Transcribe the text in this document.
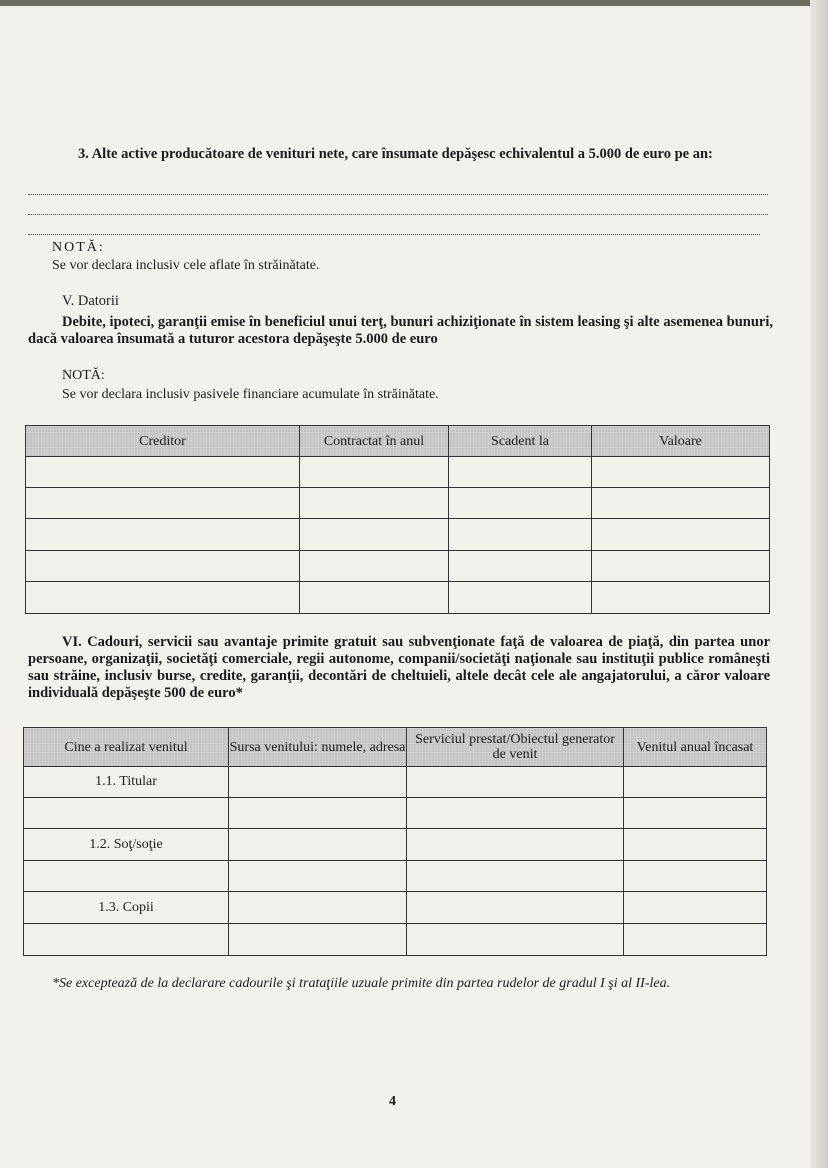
3. Alte active producătoare de venituri nete, care însumate depăşesc echivalentul a 5.000 de euro pe an:
NOTĂ:
Se vor declara inclusiv cele aflate în străinătate.
V. Datorii
Debite, ipoteci, garanţii emise în beneficiul unui terţ, bunuri achiziţionate în sistem leasing şi alte asemenea bunuri, dacă valoarea însumată a tuturor acestora depăşeşte 5.000 de euro
NOTĂ:
Se vor declara inclusiv pasivele financiare acumulate în străinătate.
Creditor	Contractat în anul	Scadent la	Valoare

VI. Cadouri, servicii sau avantaje primite gratuit sau subvenţionate faţă de valoarea de piaţă, din partea unor persoane, organizaţii, societăţi comerciale, regii autonome, companii/societăţi naţionale sau instituţii publice româneşti sau străine, inclusiv burse, credite, garanţii, decontări de cheltuieli, altele decât cele ale angajatorului, a căror valoare individuală depăşeşte 500 de euro*
Cine a realizat venitul	Sursa venitului: numele, adresa	Serviciul prestat/Obiectul generator de venit	Venitul anual încasat
1.1. Titular			

1.2. Soţ/soţie			

1.3. Copii			

*Se exceptează de la declarare cadourile şi trataţiile uzuale primite din partea rudelor de gradul I şi al II-lea.
4
